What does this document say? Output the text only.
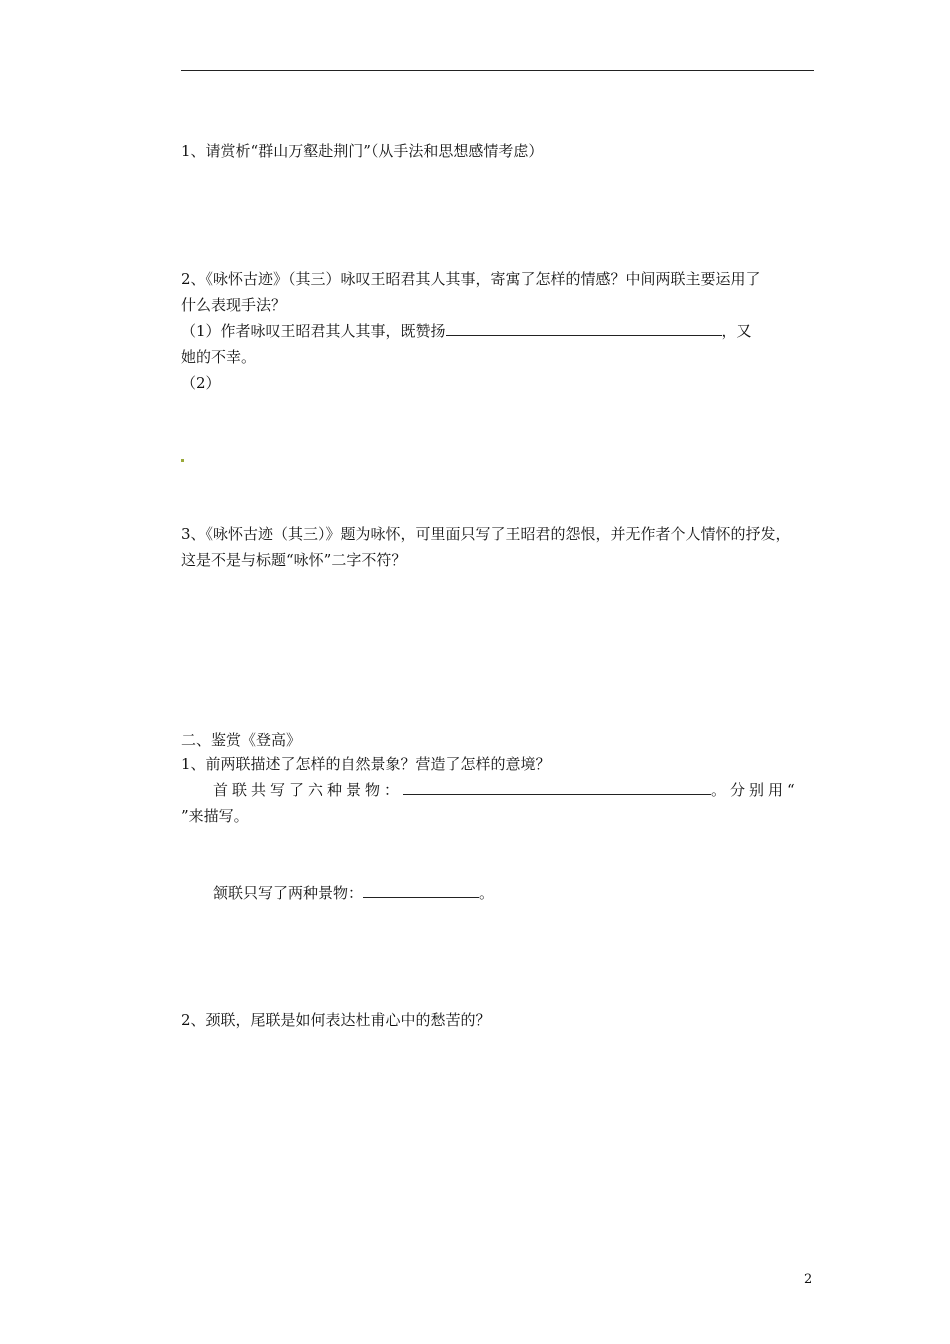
1、请赏析“群山万壑赴荆门”（从手法和思想感情考虑）
2、《咏怀古迹》（其三）咏叹王昭君其人其事，寄寓了怎样的情感？中间两联主要运用了
什么表现手法？
（1）作者咏叹王昭君其人其事，既赞扬	，又
她的不幸。
（2）
3、《咏怀古迹（其三）》题为咏怀，可里面只写了王昭君的怨恨，并无作者个人情怀的抒发，
这是不是与标题“咏怀”二字不符？
二、鉴赏《登高》
1、前两联描述了怎样的自然景象？营造了怎样的意境？
首联共写了六种景物：	。分别用“
”来描写。
颔联只写了两种景物：	。
2、颈联，尾联是如何表达杜甫心中的愁苦的？
2
